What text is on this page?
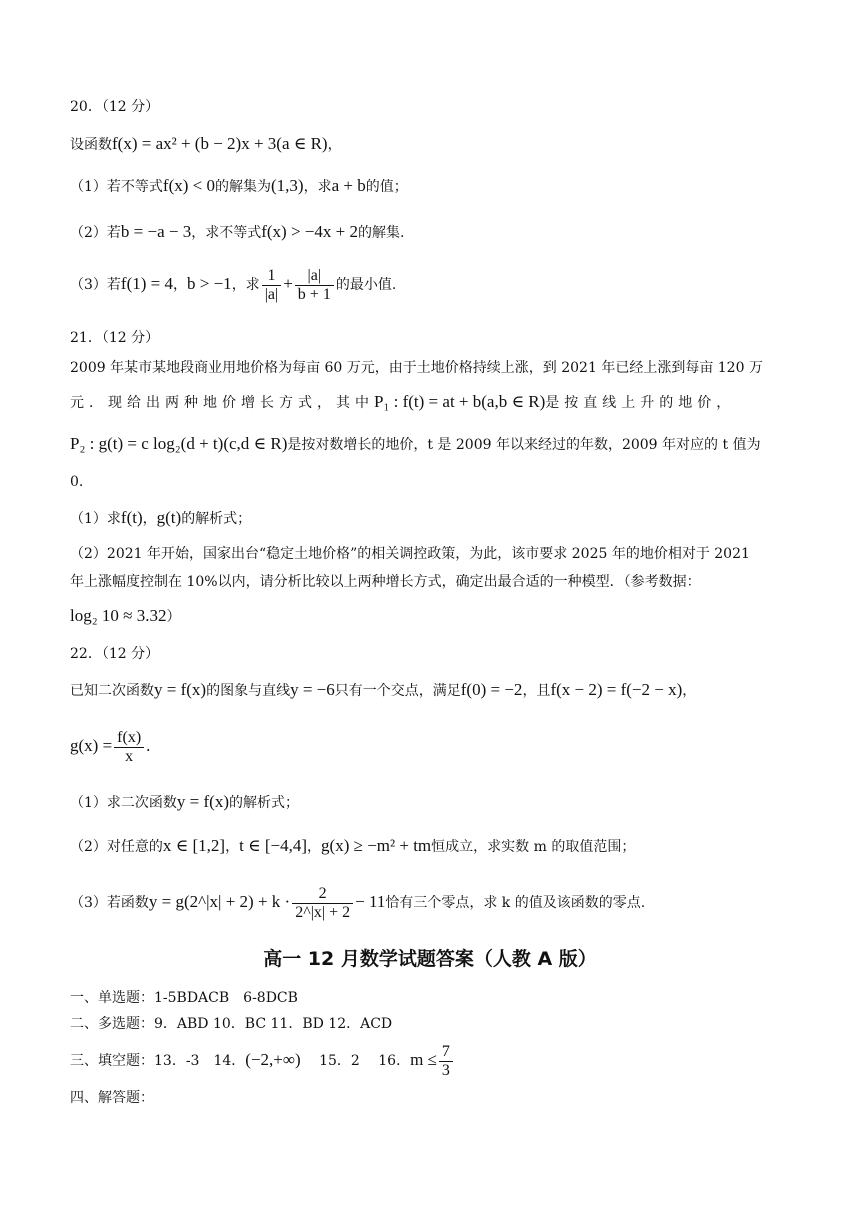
20．（12 分）
设函数f(x) = ax² + (b − 2)x + 3(a ∈ R)，
（1）若不等式f(x) < 0的解集为(1,3)，求a + b的值；
（2）若b = −a − 3，求不等式f(x) > −4x + 2的解集.
（3）若f(1) = 4，b > −1，求 $\frac{1}{|a|} + \frac{|a|}{b + 1}$ 的最小值.
21．（12 分）
2009 年某市某地段商业用地价格为每亩 60 万元，由于土地价格持续上涨，到 2021 年已经上涨到每亩 120 万
元．现给出两种地价增长方式，其中P₁ : f(t) = at + b(a,b ∈ R)是按直线上升的地价，
P₂ : g(t) = c log₂(d + t)(c,d ∈ R)是按对数增长的地价，t 是 2009 年以来经过的年数，2009 年对应的 t 值为
0.
（1）求f(t)，g(t)的解析式；
（2）2021 年开始，国家出台“稳定土地价格”的相关调控政策，为此，该市要求 2025 年的地价相对于 2021
年上涨幅度控制在 10%以内，请分析比较以上两种增长方式，确定出最合适的一种模型．（参考数据：
log₂ 10 ≈ 3.32）
22．（12 分）
已知二次函数y = f(x)的图象与直线y = −6只有一个交点，满足f(0) = −2，且f(x − 2) = f(−2 − x)，
$g(x) = \frac{f(x)}{x}$ .
（1）求二次函数y = f(x)的解析式；
（2）对任意的x ∈ [1,2]，t ∈ [−4,4]，g(x) ≥ −m² + tm恒成立，求实数 m 的取值范围；
（3）若函数y = g(2^|x| + $2) + k \cdot \frac{2}{2\^{}|x| + 2} - 11$恰有三个零点，求 k 的值及该函数的零点.
高一 12 月数学试题答案（人教 A 版）
一、单选题：1-5BDACB　6-8DCB
二、多选题：9．ABD 10．BC 11．BD 12．ACD
三、填空题：13．-3　14．(−2,+∞)　 15．2　 16．$m \le \frac{7}{3}$
四、解答题：
